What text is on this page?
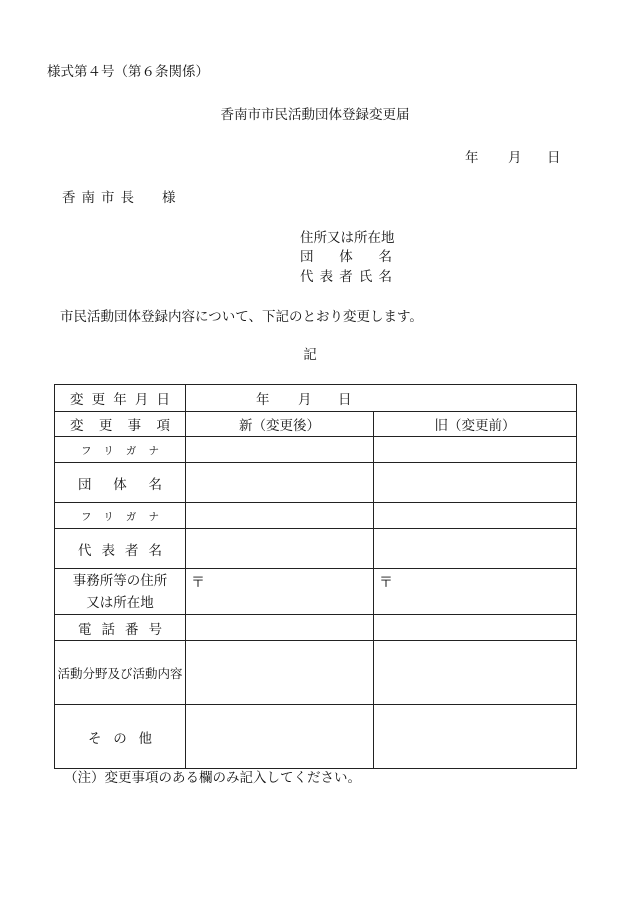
様式第４号（第６条関係）
香南市市民活動団体登録変更届
年 月 日
香南市長 様
住所又は所在地
団体名
代表者氏名
市民活動団体登録内容について、下記のとおり変更します。
記
変更年月日	年 月 日	

変更事項	新（変更後）	旧（変更前）
フリガナ		
団体名		
フリガナ		
代表者名		

事務所等の住所
又は所在地	〒	〒

電話番号		
活動分野及び活動内容		
その他		
（注）変更事項のある欄のみ記入してください。
